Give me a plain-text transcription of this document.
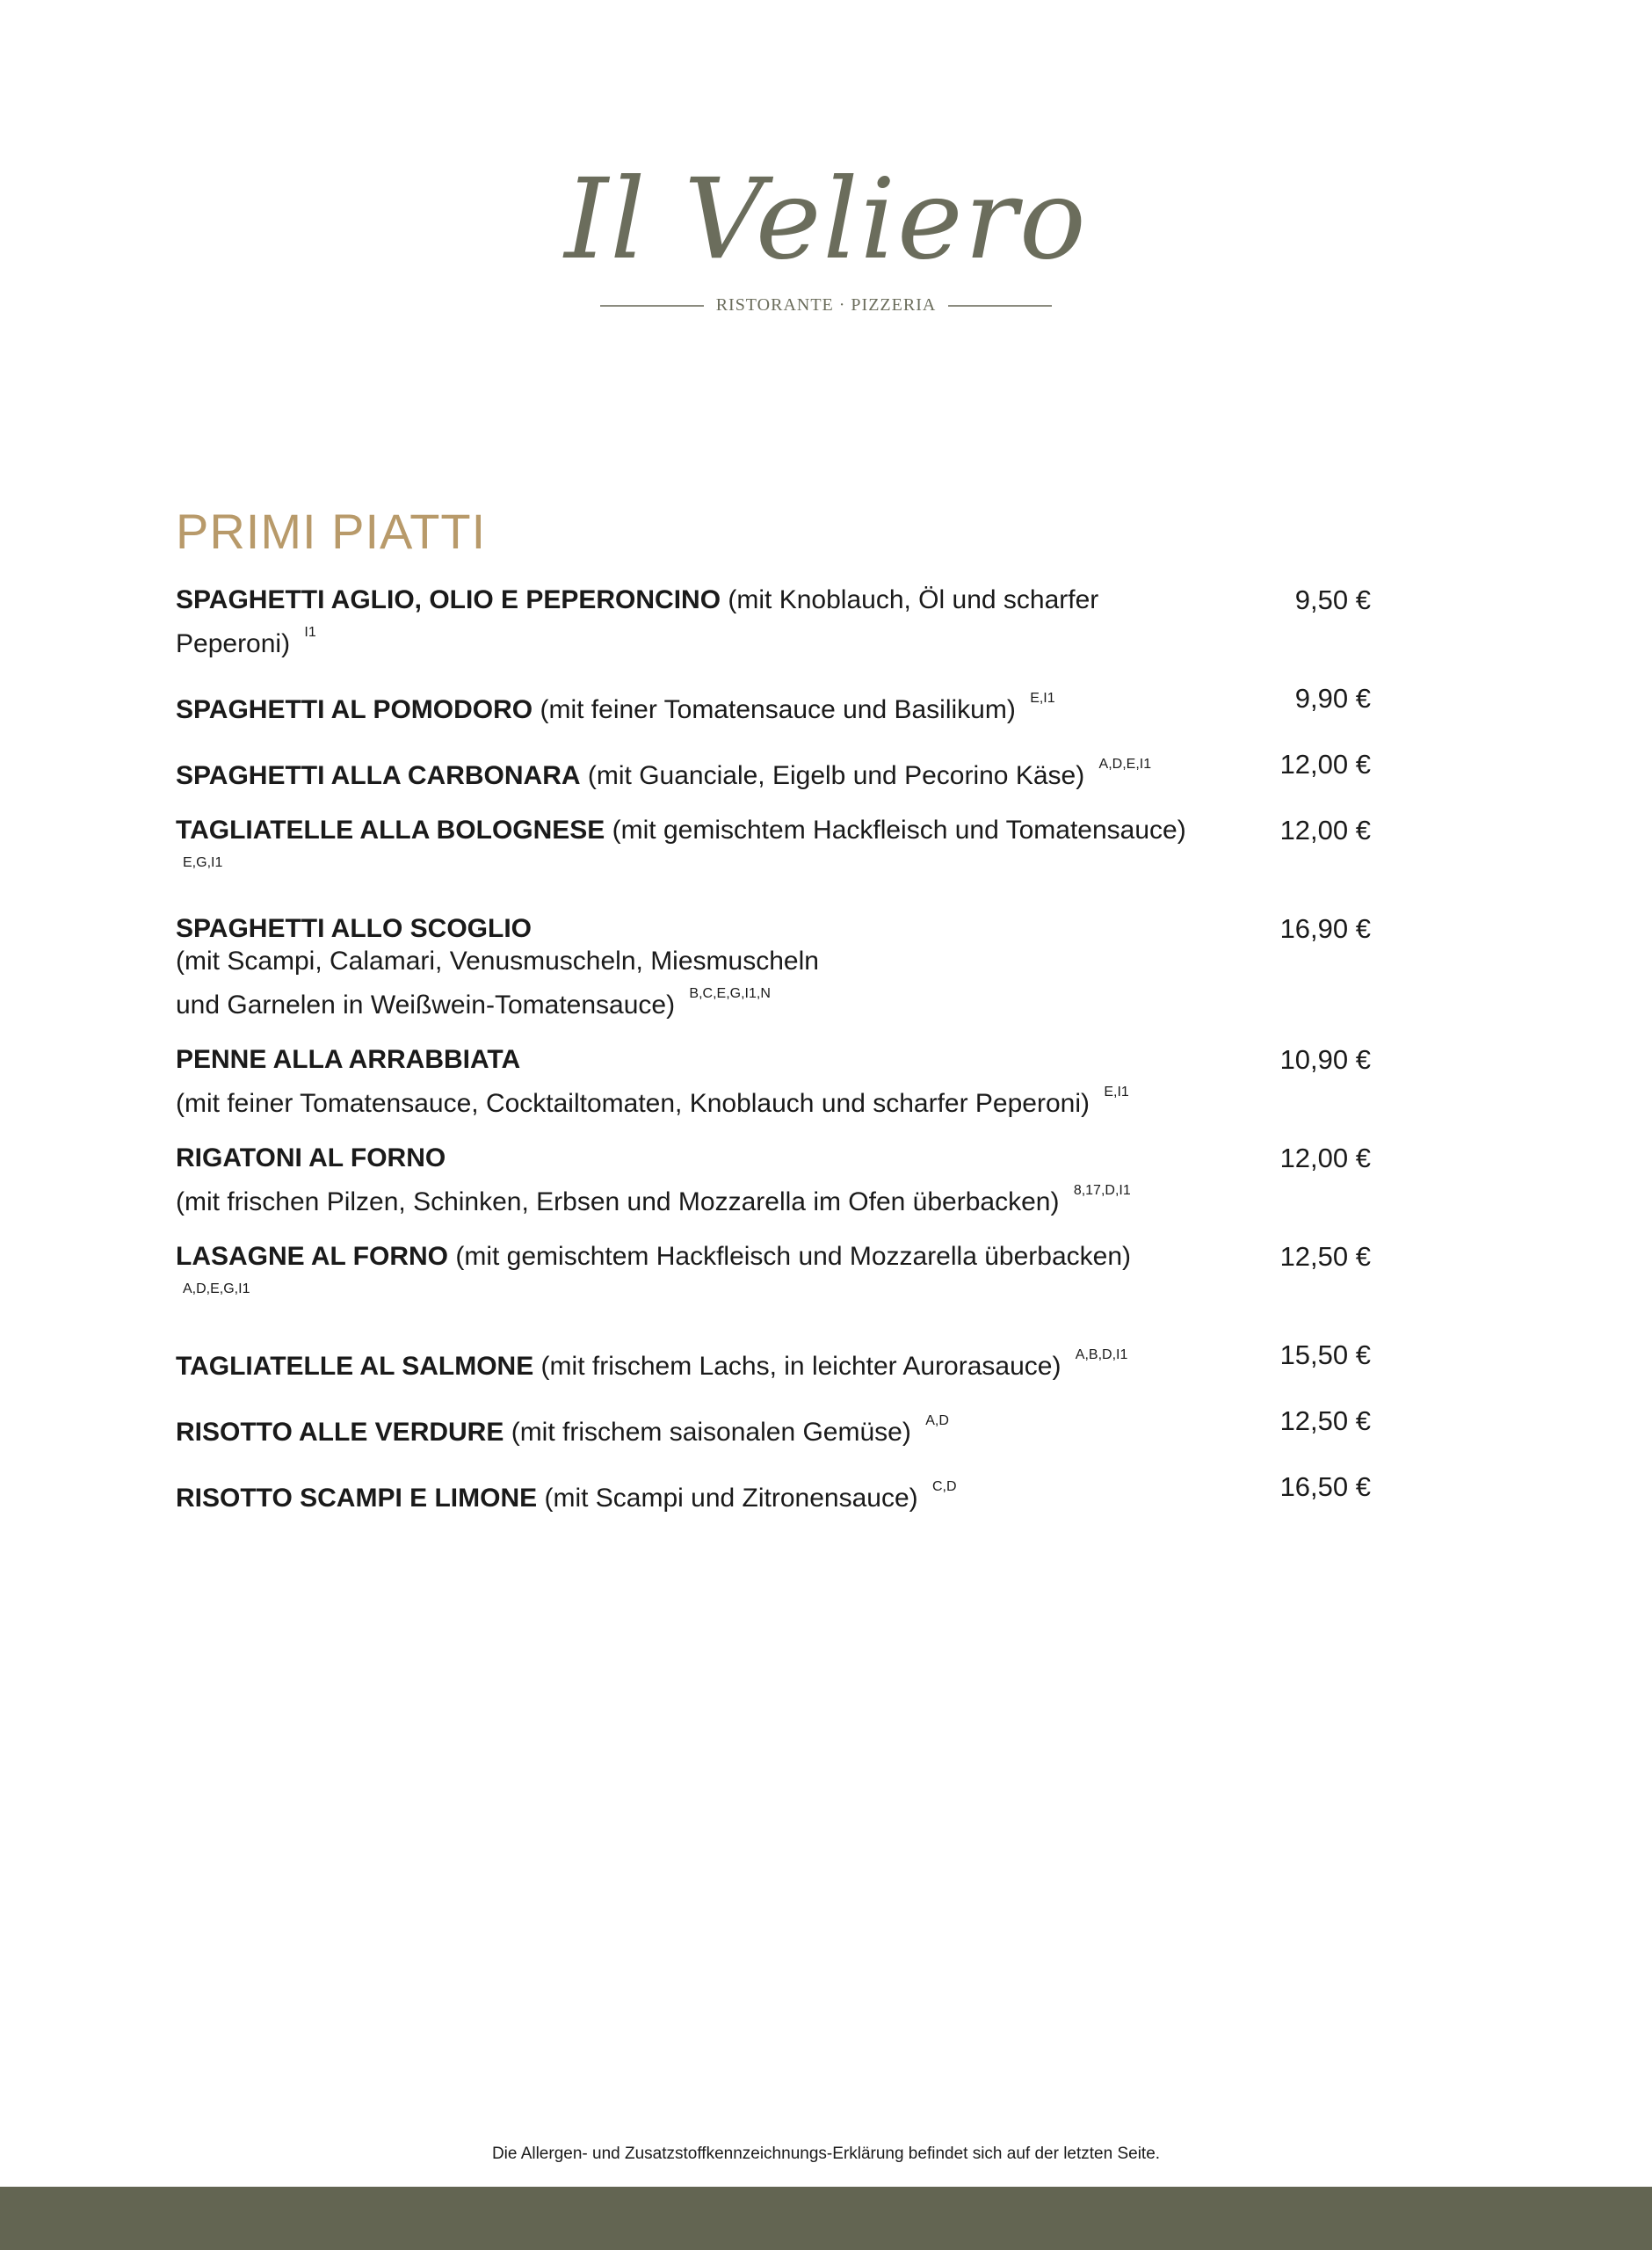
Il Veliero
RISTORANTE · PIZZERIA
PRIMI PIATTI
SPAGHETTI AGLIO, OLIO E PEPERONCINO (mit Knoblauch, Öl und scharfer Peperoni) $^{I1}$
9,50 €
SPAGHETTI AL POMODORO (mit feiner Tomatensauce und Basilikum) $^{E,I1}$	9,90 €
SPAGHETTI ALLA CARBONARA (mit Guanciale, Eigelb und Pecorino Käse) $^{A,D,E,I1}$	12,00 €
TAGLIATELLE ALLA BOLOGNESE (mit gemischtem Hackfleisch und Tomatensauce) $^{E,G,I1}$
12,00 €
SPAGHETTI ALLO SCOGLIO
(mit Scampi, Calamari, Venusmuscheln, Miesmuscheln
und Garnelen in Weißwein-Tomatensauce) $^{B,C,E,G,I1,N}$
16,90 €
PENNE ALLA ARRABBIATA
(mit feiner Tomatensauce, Cocktailtomaten, Knoblauch und scharfer Peperoni) $^{E,I1}$
10,90 €
RIGATONI AL FORNO
(mit frischen Pilzen, Schinken, Erbsen und Mozzarella im Ofen überbacken) $^{8,17,D,I1}$
12,00 €
LASAGNE AL FORNO (mit gemischtem Hackfleisch und Mozzarella überbacken) $^{A,D,E,G,I1}$
12,50 €
TAGLIATELLE AL SALMONE (mit frischem Lachs, in leichter Aurorasauce) $^{A,B,D,I1}$	15,50 €
RISOTTO ALLE VERDURE (mit frischem saisonalen Gemüse) $^{A,D}$	12,50 €
RISOTTO SCAMPI E LIMONE (mit Scampi und Zitronensauce) $^{C,D}$	16,50 €
Die Allergen- und Zusatzstoffkennzeichnungs-Erklärung befindet sich auf der letzten Seite.
